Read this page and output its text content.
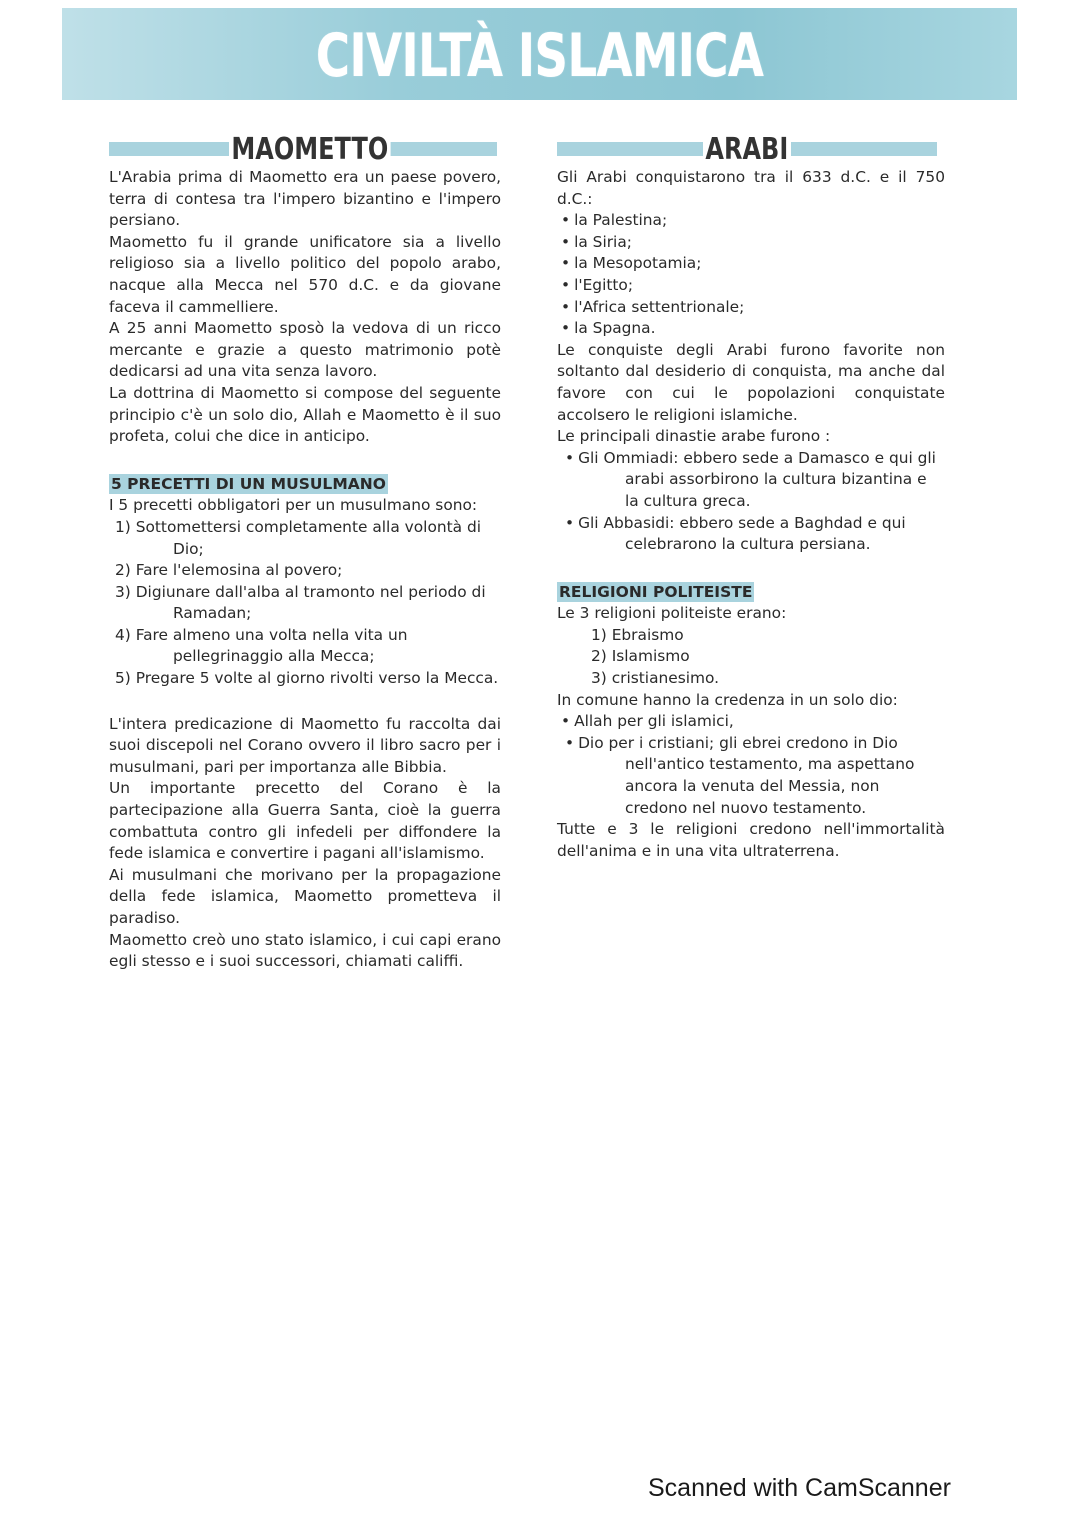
CIVILTÀ ISLAMICA
MAOMETTO

L'Arabia prima di Maometto era un paese povero, terra di contesa tra l'impero bizantino e l'impero persiano.

Maometto fu il grande unificatore sia a livello religioso sia a livello politico del popolo arabo, nacque alla Mecca nel 570 d.C. e da giovane faceva il cammelliere.

A 25 anni Maometto sposò la vedova di un ricco mercante e grazie a questo matrimonio potè dedicarsi ad una vita senza lavoro.

La dottrina di Maometto si compose del seguente principio c'è un solo dio, Allah e Maometto è il suo profeta, colui che dice in anticipo.

5 PRECETTI DI UN MUSULMANO

I 5 precetti obbligatori per un musulmano sono:

1) Sottomettersi completamente alla volontà di Dio;
2) Fare l'elemosina al povero;
3) Digiunare dall'alba al tramonto nel periodo di Ramadan;
4) Fare almeno una volta nella vita un pellegrinaggio alla Mecca;
5) Pregare 5 volte al giorno rivolti verso la Mecca.

L'intera predicazione di Maometto fu raccolta dai suoi discepoli nel Corano ovvero il libro sacro per i musulmani, pari per importanza alle Bibbia.

Un importante precetto del Corano è la partecipazione alla Guerra Santa, cioè la guerra combattuta contro gli infedeli per diffondere la fede islamica e convertire i pagani all'islamismo.

Ai musulmani che morivano per la propagazione della fede islamica, Maometto prometteva il paradiso.

Maometto creò uno stato islamico, i cui capi erano egli stesso e i suoi successori, chiamati califfi.

ARABI

Gli Arabi conquistarono tra il 633 d.C. e il 750 d.C.:

• la Palestina;
• la Siria;
• la Mesopotamia;
• l'Egitto;
• l'Africa settentrionale;
• la Spagna.

Le conquiste degli Arabi furono favorite non soltanto dal desiderio di conquista, ma anche dal favore con cui le popolazioni conquistate accolsero le religioni islamiche.

Le principali dinastie arabe furono :

• Gli Ommiadi: ebbero sede a Damasco e qui gli arabi assorbirono la cultura bizantina e la cultura greca.
• Gli Abbasidi: ebbero sede a Baghdad e qui celebrarono la cultura persiana.
RELIGIONI POLITEISTE

Le 3 religioni politeiste erano:

1) Ebraismo
2) Islamismo
3) cristianesimo.

In comune hanno la credenza in un solo dio:

• Allah per gli islamici,
• Dio per i cristiani; gli ebrei credono in Dio nell'antico testamento, ma aspettano ancora la venuta del Messia, non credono nel nuovo testamento.

Tutte e 3 le religioni credono nell'immortalità dell'anima e in una vita ultraterrena.

Scanned with CamScanner
